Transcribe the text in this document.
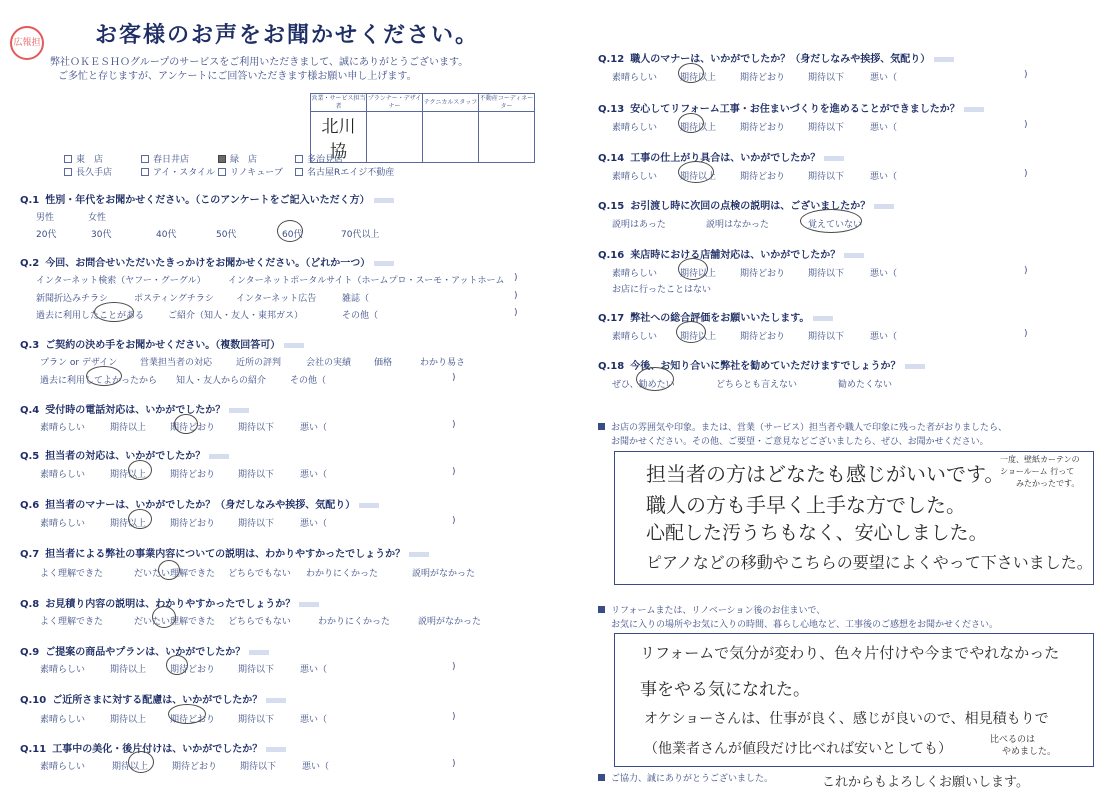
広報担 お客様のお声をお聞かせください。
弊社ＯＫＥＳＨＯグループのサービスをご利用いただきまして、誠にありがとうございます。
ご多忙と存じますが、アンケートにご回答いただきます様お願い申し上げます。
営業・サービス担当者	プランナー・デザイナー	テクニカルスタッフ	不動産コーディネーター
北川 協			
東　店	春日井店	緑　店	多治見店
長久手店	アイ・スタイル	リノキューブ	名古屋Rエイジ不動産
Q.1 性別・年代をお聞かせください。（このアンケートをご記入いただく方）
男性	女性
20代	30代	40代	50代	60代	70代以上
Q.2 今回、お問合せいただいたきっかけをお聞かせください。（どれか一つ）
インターネット検索（ヤフー・グーグル） インターネットポータルサイト（ホームプロ・スーモ・アットホーム )
新聞折込みチラシ	ポスティングチラシ インターネット広告	雑誌（	)
過去に利用したことがある	ご紹介（知人・友人・東邦ガス）	その他（	)
Q.3 ご契約の決め手をお聞かせください。（複数回答可）
プラン or デザイン	営業担当者の対応	近所の評判	会社の実績	価格	わかり易さ
過去に利用してよかったから 知人・友人からの紹介	その他（	)
Q.4 受付時の電話対応は、いかがでしたか？
素晴らしい	期待以上	期待どおり	期待以下	悪い（	)
Q.5 担当者の対応は、いかがでしたか？
素晴らしい	期待以上	期待どおり	期待以下	悪い（	)
Q.6 担当者のマナーは、いかがでしたか？（身だしなみや挨拶、気配り）
素晴らしい	期待以上	期待どおり	期待以下	悪い（	)
Q.7 担当者による弊社の事業内容についての説明は、わかりやすかったでしょうか？
よく理解できた	だいたい理解できた どちらでもない わかりにくかった	説明がなかった
Q.8 お見積り内容の説明は、わかりやすかったでしょうか？
よく理解できた	だいたい理解できた どちらでもない	わかりにくかった	説明がなかった
Q.9 ご提案の商品やプランは、いかがでしたか？
素晴らしい	期待以上	期待どおり	期待以下	悪い（	)
Q.10 ご近所さまに対する配慮は、いかがでしたか？
素晴らしい	期待以上	期待どおり	期待以下	悪い（	)
Q.11 工事中の美化・後片付けは、いかがでしたか？
素晴らしい	期待以上	期待どおり	期待以下	悪い（	)
Q.12 職人のマナーは、いかがでしたか？（身だしなみや挨拶、気配り）
素晴らしい	期待以上	期待どおり	期待以下	悪い（	)
Q.13 安心してリフォーム工事・お住まいづくりを進めることができましたか？
素晴らしい	期待以上	期待どおり	期待以下	悪い（	)
Q.14 工事の仕上がり具合は、いかがでしたか？
素晴らしい	期待以上	期待どおり	期待以下	悪い（	)
Q.15 お引渡し時に次回の点検の説明は、ございましたか？
説明はあった	説明はなかった	覚えていない
Q.16 来店時における店舗対応は、いかがでしたか？
素晴らしい	期待以上	期待どおり	期待以下	悪い（	)
お店に行ったことはない
Q.17 弊社への総合評価をお願いいたします。
素晴らしい	期待以上	期待どおり	期待以下	悪い（	)
Q.18 今後、お知り合いに弊社を勧めていただけますでしょうか？
ぜひ、勧めたい	どちらとも言えない	勧めたくない
お店の雰囲気や印象。または、営業（サービス）担当者や職人で印象に残った者がおりましたら、
お聞かせください。その他、ご要望・ご意見などございましたら、ぜひ、お聞かせください。
担当者の方はどなたも感じがいいです。
職人の方も手早く上手な方でした。
心配した汚うちもなく、安心しました。
ピアノなどの移動やこちらの要望によくやって下さいました。
一度、壁紙カーテンの
ショールーム 行って
みたかったです。
リフォームまたは、リノベーション後のお住まいで、
お気に入りの場所やお気に入りの時間、暮らし心地など、工事後のご感想をお聞かせください。
リフォームで気分が変わり、色々片付けや今までやれなかった
事をやる気になれた。
オケショーさんは、仕事が良く、感じが良いので、相見積もりで
（他業者さんが値段だけ比べれば安いとしても）
比べるのは
やめました。
これからもよろしくお願いします。
ご協力、誠にありがとうございました。
